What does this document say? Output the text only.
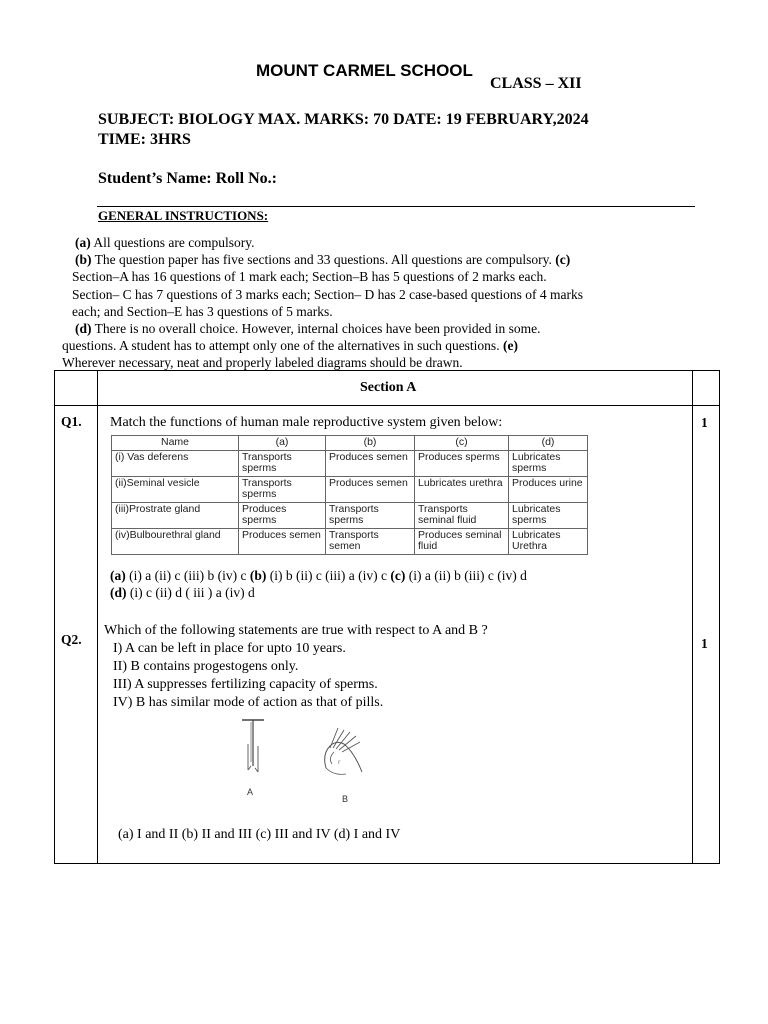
MOUNT CARMEL SCHOOL
CLASS – XII
SUBJECT: BIOLOGY MAX. MARKS: 70 DATE: 19 FEBRUARY,2024
TIME: 3HRS
Student’s Name: Roll No.:
GENERAL INSTRUCTIONS:
(a) All questions are compulsory.
(b) The question paper has five sections and 33 questions. All questions are compulsory. (c)
Section–A has 16 questions of 1 mark each; Section–B has 5 questions of 2 marks each.
Section– C has 7 questions of 3 marks each; Section– D has 2 case-based questions of 4 marks
each; and Section–E has 3 questions of 5 marks.
(d) There is no overall choice. However, internal choices have been provided in some.
questions. A student has to attempt only one of the alternatives in such questions. (e)
Wherever necessary, neat and properly labeled diagrams should be drawn.
Section A
Q1.	1
Match the functions of human male reproductive system given below:
Name	(a)	(b)	(c)	(d)
(i) Vas deferens	Transports sperms	Produces semen	Produces sperms	Lubricates sperms
(ii)Seminal vesicle	Transports sperms	Produces semen	Lubricates urethra	Produces urine
(iii)Prostrate gland	Produces sperms	Transports sperms	Transports seminal fluid	Lubricates sperms
(iv)Bulbourethral gland	Produces semen	Transports semen	Produces seminal fluid	Lubricates Urethra
(a) (i) a (ii) c (iii) b (iv) c (b) (i) b (ii) c (iii) a (iv) c (c) (i) a (ii) b (iii) c (iv) d
(d) (i) c (ii) d ( iii ) a (iv) d
Q2.	1
Which of the following statements are true with respect to A and B ?
I) A can be left in place for upto 10 years.
II) B contains progestogens only.
III) A suppresses fertilizing capacity of sperms.
IV) B has similar mode of action as that of pills.
A
r
B
(a) I and II (b) II and III (c) III and IV (d) I and IV
